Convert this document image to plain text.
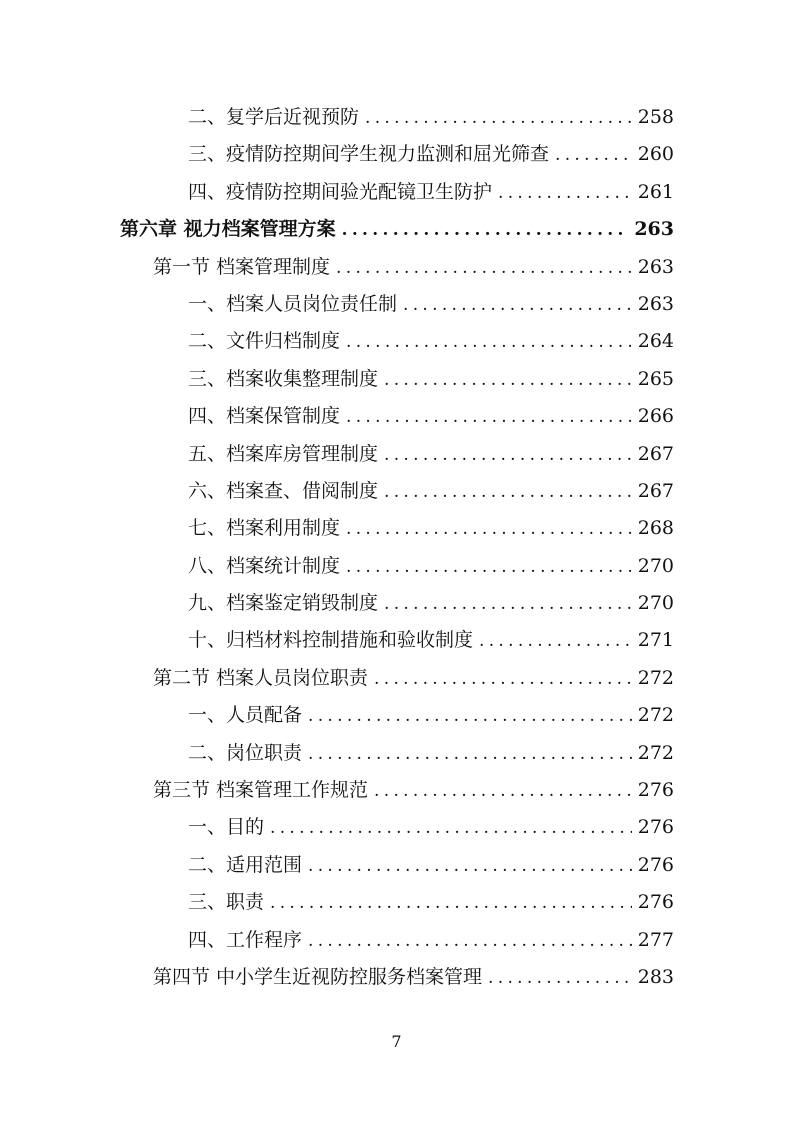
二、复学后近视预防 .....	258
三、疫情防控期间学生视力监测和屈光筛查 .....	260
四、疫情防控期间验光配镜卫生防护 .....	261
第六章 视力档案管理方案 .....	263
第一节 档案管理制度 .....	263
一、档案人员岗位责任制 .....	263
二、文件归档制度 .....	264
三、档案收集整理制度 .....	265
四、档案保管制度 .....	266
五、档案库房管理制度 .....	267
六、档案查、借阅制度 .....	267
七、档案利用制度 .....	268
八、档案统计制度 .....	270
九、档案鉴定销毁制度 .....	270
十、归档材料控制措施和验收制度 .....	271
第二节 档案人员岗位职责 .....	272
一、人员配备 .....	272
二、岗位职责 .....	272
第三节 档案管理工作规范 .....	276
一、目的 .....	276
二、适用范围 .....	276
三、职责 .....	276
四、工作程序 .....	277
第四节 中小学生近视防控服务档案管理 .....	283
7
